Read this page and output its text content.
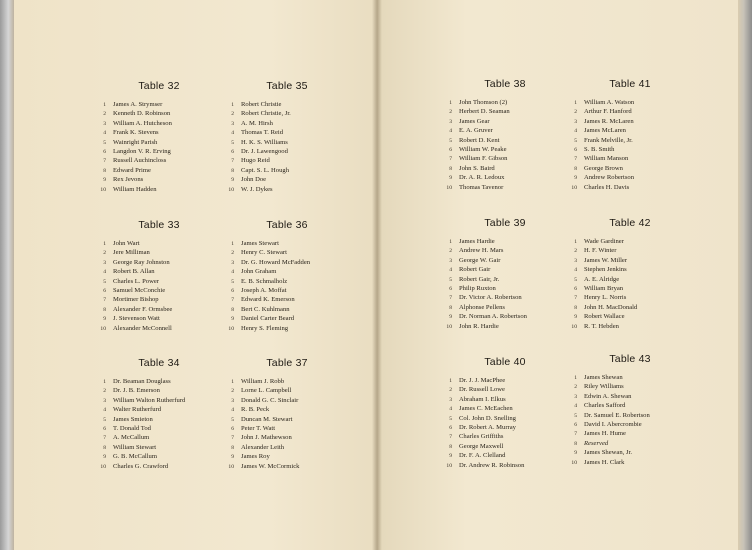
Table 32
1 James A. Strymser
2 Kenneth D. Robinson
3 William A. Hutcheson
4 Frank K. Stevens
5 Wainright Parish
6 Langdon V. R. Erving
7 Russell Auchincloss
8 Edward Prime
9 Rex Jevons
10 William Hadden
Table 35
1 Robert Christie
2 Robert Christie, Jr.
3 A. M. Hirsh
4 Thomas T. Reid
5 H. K. S. Williams
6 Dr. J. Lawengood
7 Hugo Reid
8 Capt. S. L. Hough
9 John Doe
10 W. J. Dykes
Table 33
1 John Wart
2 Jere Milliman
3 George Ray Johnston
4 Robert B. Allan
5 Charles L. Power
6 Samuel McConchie
7 Mortimer Bishop
8 Alexander F. Ormsbee
9 J. Stevenson Watt
10 Alexander McConnell
Table 36
1 James Stewart
2 Henry C. Stewart
3 Dr. G. Howard McFadden
4 John Graham
5 E. B. Schmalholz
6 Joseph A. Moffat
7 Edward K. Emerson
8 Bert C. Kuhlmann
9 Daniel Carter Beard
10 Henry S. Fleming
Table 34
1 Dr. Beaman Douglass
2 Dr. J. B. Emerson
3 William Walton Rutherfurd
4 Walter Rutherfurd
5 James Smieton
6 T. Donald Tod
7 A. McCallum
8 William Stewart
9 G. B. McCallum
10 Charles G. Crawford
Table 37
1 William J. Robb
2 Lorne L. Campbell
3 Donald G. C. Sinclair
4 R. B. Peck
5 Duncan M. Stewart
6 Peter T. Watt
7 John J. Mathewson
8 Alexander Leith
9 James Roy
10 James W. McCormick
Table 38
1 John Thomson (2)
2 Herbert D. Seaman
3 James Gear
4 E. A. Gruver
5 Robert D. Kent
6 William W. Peake
7 William F. Gibson
8 John S. Baird
9 Dr. A. R. Ledoux
10 Thomas Tavenor
Table 41
1 William A. Watson
2 Arthur F. Hanford
3 James R. McLaren
4 James McLaren
5 Frank Melville, Jr.
6 S. B. Smith
7 William Manson
8 George Brown
9 Andrew Robertson
10 Charles H. Davis
Table 39
1 James Hardie
2 Andrew H. Mars
3 George W. Gair
4 Robert Gair
5 Robert Gair, Jr.
6 Philip Ruxton
7 Dr. Victor A. Robertson
8 Alphonse Pellens
9 Dr. Norman A. Robertson
10 John R. Hardie
Table 42
1 Wade Gardiner
2 H. F. Winter
3 James W. Miller
4 Stephen Jenkins
5 A. E. Alridge
6 William Bryan
7 Henry L. Norris
8 John H. MacDonald
9 Robert Wallace
10 R. T. Hebden
Table 40
1 Dr. J. J. MacPhee
2 Dr. Russell Lowe
3 Abraham I. Elkus
4 James C. McEachen
5 Col. John D. Snelling
6 Dr. Robert A. Murray
7 Charles Griffiths
8 George Maxwell
9 Dr. F. A. Clelland
10 Dr. Andrew R. Robinson
Table 43
1 James Shewan
2 Riley Williams
3 Edwin A. Shewan
4 Charles Safford
5 Dr. Samuel E. Robertson
6 David I. Abercrombie
7 James H. Hume
8 Reserved
9 James Shewan, Jr.
10 James H. Clark
